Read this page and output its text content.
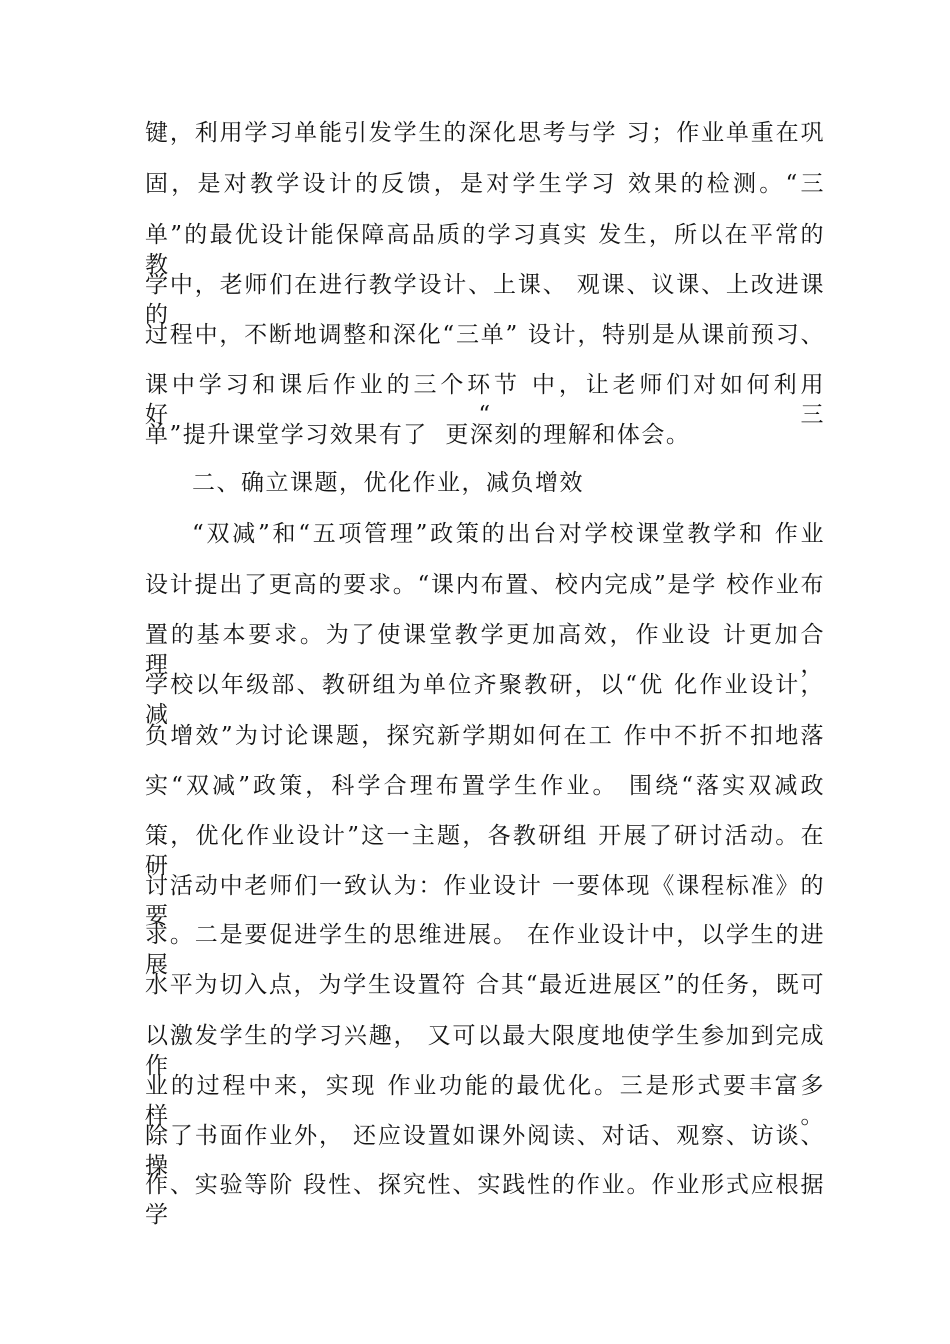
键，利用学习单能引发学生的深化思考与学 习；作业单重在巩
固，是对教学设计的反馈，是对学生学习 效果的检测。“三
单”的最优设计能保障高品质的学习真实 发生，所以在平常的教
学中，老师们在进行教学设计、上课、 观课、议课、上改进课的
过程中，不断地调整和深化“三单” 设计，特别是从课前预习、
课中学习和课后作业的三个环节 中，让老师们对如何利用好“三
单”提升课堂学习效果有了  更深刻的理解和体会。
二、确立课题，优化作业，减负增效
“双减”和“五项管理”政策的出台对学校课堂教学和 作业
设计提出了更高的要求。“课内布置、校内完成”是学 校作业布
置的基本要求。为了使课堂教学更加高效，作业设 计更加合理，
学校以年级部、教研组为单位齐聚教研，以“优 化作业设计，减
负增效”为讨论课题，探究新学期如何在工 作中不折不扣地落
实“双减”政策，科学合理布置学生作业。 围绕“落实双减政
策，优化作业设计”这一主题，各教研组 开展了研讨活动。在研
讨活动中老师们一致认为：作业设计 一要体现《课程标准》的要
求。二是要促进学生的思维进展。 在作业设计中，以学生的进展
水平为切入点，为学生设置符 合其“最近进展区”的任务，既可
以激发学生的学习兴趣， 又可以最大限度地使学生参加到完成作
业的过程中来，实现 作业功能的最优化。三是形式要丰富多样。
除了书面作业外， 还应设置如课外阅读、对话、观察、访谈、操
作、实验等阶 段性、探究性、实践性的作业。作业形式应根据学
